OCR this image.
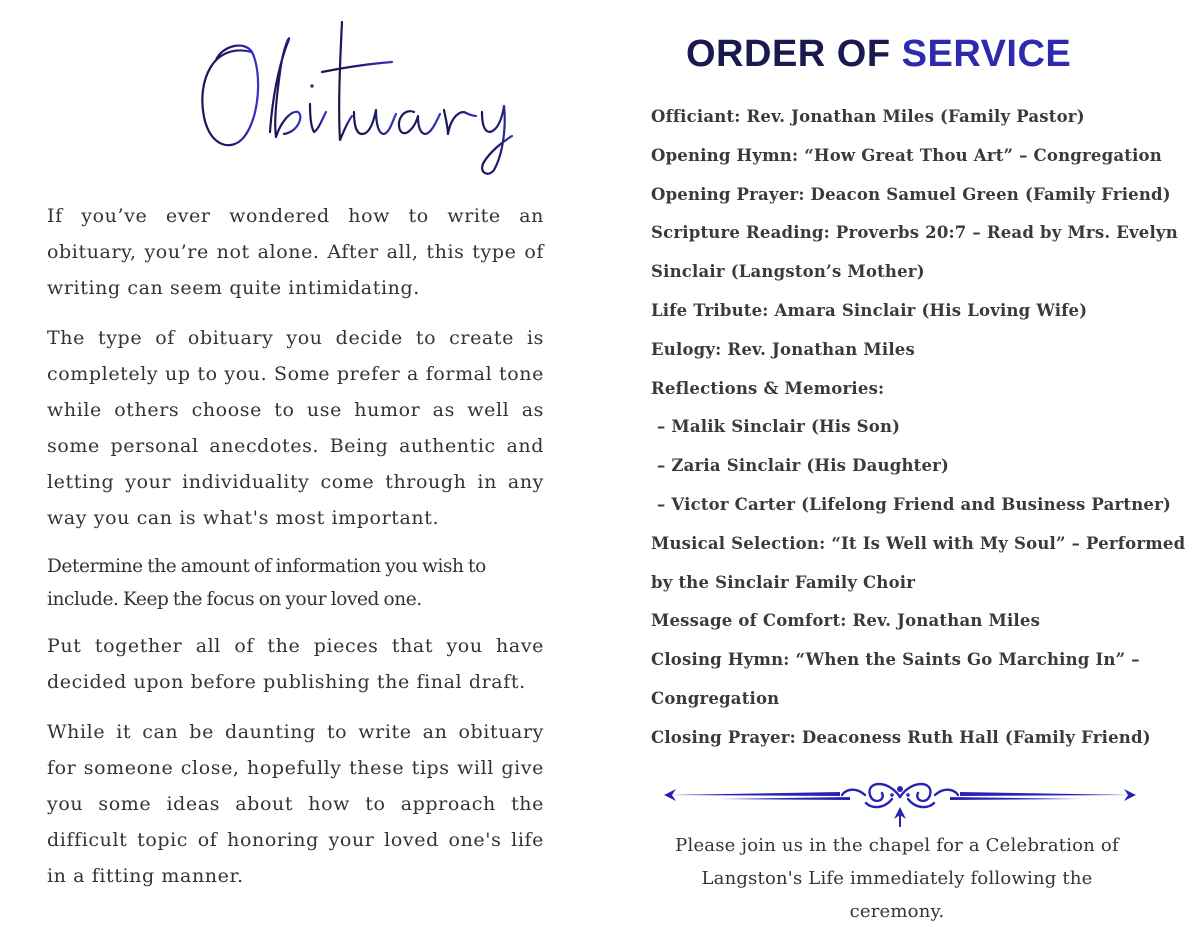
If you’ve ever wondered how to write an obituary, you’re not alone. After all, this type of writing can seem quite intimidating.

The type of obituary you decide to create is completely up to you. Some prefer a formal tone while others choose to use humor as well as some personal anecdotes. Being authentic and letting your individuality come through in any way you can is what's most important.

Determine the amount of information you wish to include. Keep the focus on your loved one.

Put together all of the pieces that you have decided upon before publishing the final draft.

While it can be daunting to write an obituary for someone close, hopefully these tips will give you some ideas about how to approach the difficult topic of honoring your loved one's life in a fitting manner.

ORDER OF SERVICE
Officiant: Rev. Jonathan Miles (Family Pastor)
Opening Hymn: “How Great Thou Art” – Congregation
Opening Prayer: Deacon Samuel Green (Family Friend)
Scripture Reading: Proverbs 20:7 – Read by Mrs. Evelyn
Sinclair (Langston’s Mother)
Life Tribute: Amara Sinclair (His Loving Wife)
Eulogy: Rev. Jonathan Miles
Reflections & Memories:
– Malik Sinclair (His Son)
– Zaria Sinclair (His Daughter)
– Victor Carter (Lifelong Friend and Business Partner)
Musical Selection: “It Is Well with My Soul” – Performed
by the Sinclair Family Choir
Message of Comfort: Rev. Jonathan Miles
Closing Hymn: “When the Saints Go Marching In” –
Congregation
Closing Prayer: Deaconess Ruth Hall (Family Friend)
Please join us in the chapel for a Celebration of
Langston's Life immediately following the ceremony.
